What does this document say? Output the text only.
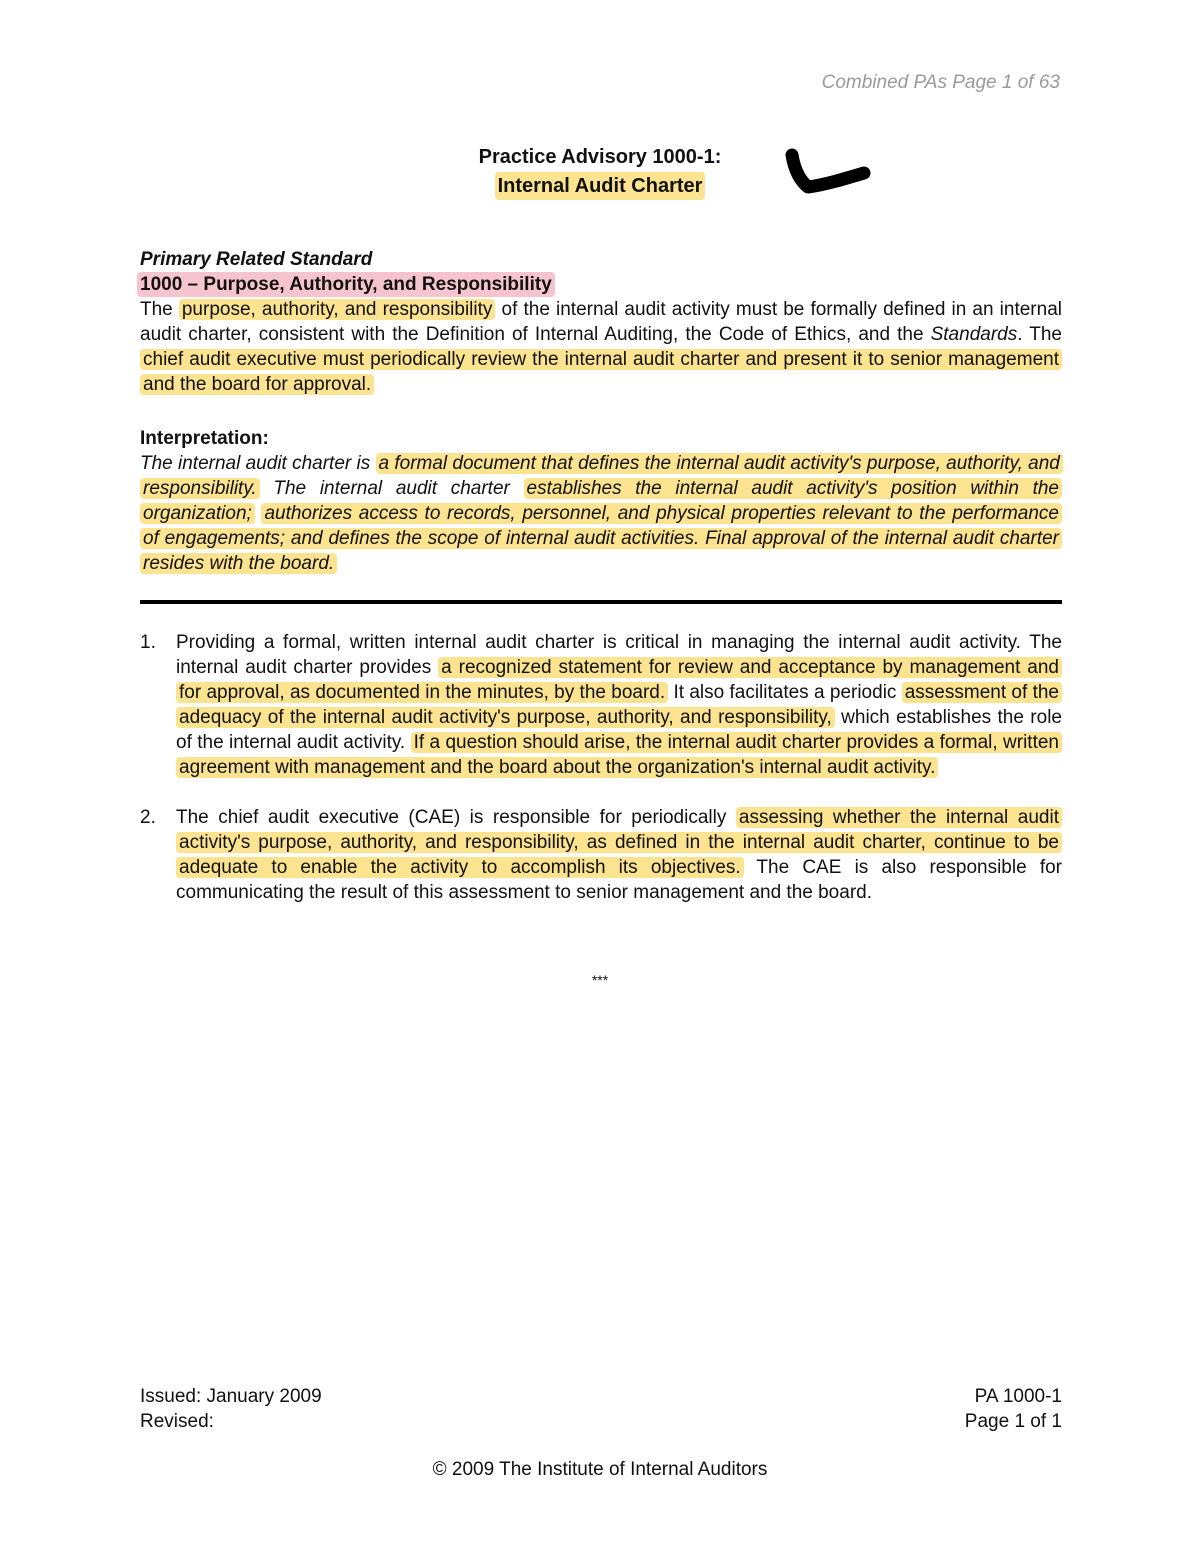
Combined PAs Page 1 of 63
Practice Advisory 1000-1:
Internal Audit Charter
Primary Related Standard
1000 – Purpose, Authority, and Responsibility
The purpose, authority, and responsibility of the internal audit activity must be formally defined in an internal audit charter, consistent with the Definition of Internal Auditing, the Code of Ethics, and the Standards. The chief audit executive must periodically review the internal audit charter and present it to senior management and the board for approval.
Interpretation:
The internal audit charter is a formal document that defines the internal audit activity's purpose, authority, and responsibility. The internal audit charter establishes the internal audit activity's position within the organization; authorizes access to records, personnel, and physical properties relevant to the performance of engagements; and defines the scope of internal audit activities. Final approval of the internal audit charter resides with the board.
1.	Providing a formal, written internal audit charter is critical in managing the internal audit activity. The internal audit charter provides a recognized statement for review and acceptance by management and for approval, as documented in the minutes, by the board. It also facilitates a periodic assessment of the adequacy of the internal audit activity's purpose, authority, and responsibility, which establishes the role of the internal audit activity. If a question should arise, the internal audit charter provides a formal, written agreement with management and the board about the organization's internal audit activity.
2.	The chief audit executive (CAE) is responsible for periodically assessing whether the internal audit activity's purpose, authority, and responsibility, as defined in the internal audit charter, continue to be adequate to enable the activity to accomplish its objectives. The CAE is also responsible for communicating the result of this assessment to senior management and the board.
***
Issued: January 2009	PA 1000-1
Revised:	Page 1 of 1
© 2009 The Institute of Internal Auditors
